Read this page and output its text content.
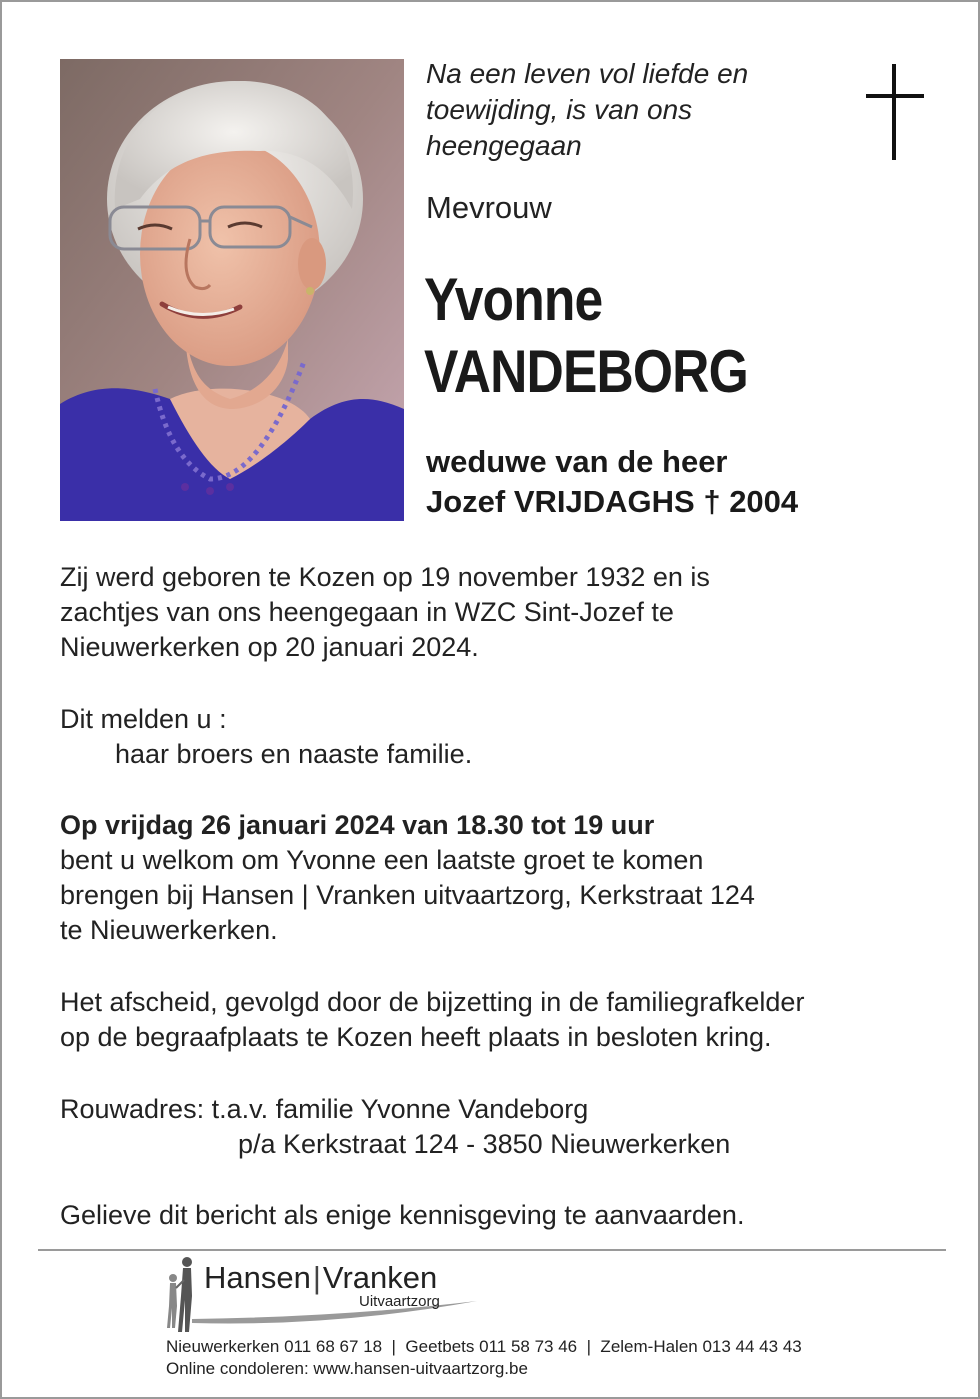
Na een leven vol liefde en
toewijding, is van ons
heengegaan
Mevrouw
Yvonne
VANDEBORG
weduwe van de heer
Jozef VRIJDAGHS † 2004
Zij werd geboren te Kozen op 19 november 1932 en is
zachtjes van ons heengegaan in WZC Sint-Jozef te
Nieuwerkerken op 20 januari 2024.
Dit melden u :
haar broers en naaste familie.
Op vrijdag 26 januari 2024 van 18.30 tot 19 uur
bent u welkom om Yvonne een laatste groet te komen
brengen bij Hansen | Vranken uitvaartzorg, Kerkstraat 124
te Nieuwerkerken.
Het afscheid, gevolgd door de bijzetting in de familiegrafkelder
op de begraafplaats te Kozen heeft plaats in besloten kring.
Rouwadres: t.a.v. familie Yvonne Vandeborg
p/a Kerkstraat 124 - 3850 Nieuwerkerken
Gelieve dit bericht als enige kennisgeving te aanvaarden.
Hansen|Vranken
Uitvaartzorg
Nieuwerkerken 011 68 67 18  |  Geetbets 011 58 73 46  |  Zelem-Halen 013 44 43 43
Online condoleren: www.hansen-uitvaartzorg.be
